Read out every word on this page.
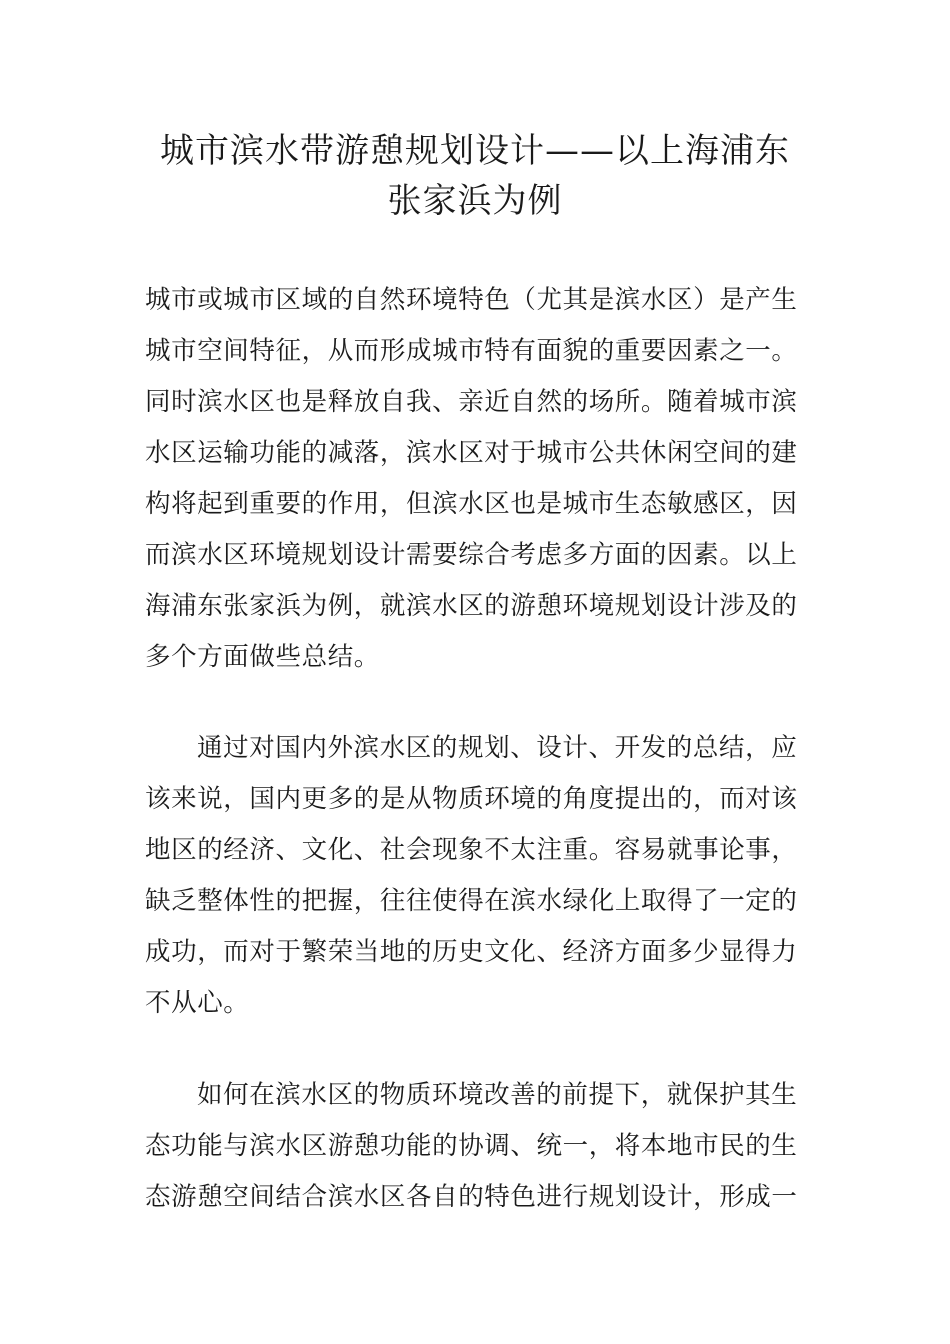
城市滨水带游憩规划设计——以上海浦东
张家浜为例
城市或城市区域的自然环境特色（尤其是滨水区）是产生
城市空间特征，从而形成城市特有面貌的重要因素之一。
同时滨水区也是释放自我、亲近自然的场所。随着城市滨
水区运输功能的减落，滨水区对于城市公共休闲空间的建
构将起到重要的作用，但滨水区也是城市生态敏感区，因
而滨水区环境规划设计需要综合考虑多方面的因素。以上
海浦东张家浜为例，就滨水区的游憩环境规划设计涉及的
多个方面做些总结。
通过对国内外滨水区的规划、设计、开发的总结，应
该来说，国内更多的是从物质环境的角度提出的，而对该
地区的经济、文化、社会现象不太注重。容易就事论事，
缺乏整体性的把握，往往使得在滨水绿化上取得了一定的
成功，而对于繁荣当地的历史文化、经济方面多少显得力
不从心。
如何在滨水区的物质环境改善的前提下，就保护其生
态功能与滨水区游憩功能的协调、统一，将本地市民的生
态游憩空间结合滨水区各自的特色进行规划设计，形成一
